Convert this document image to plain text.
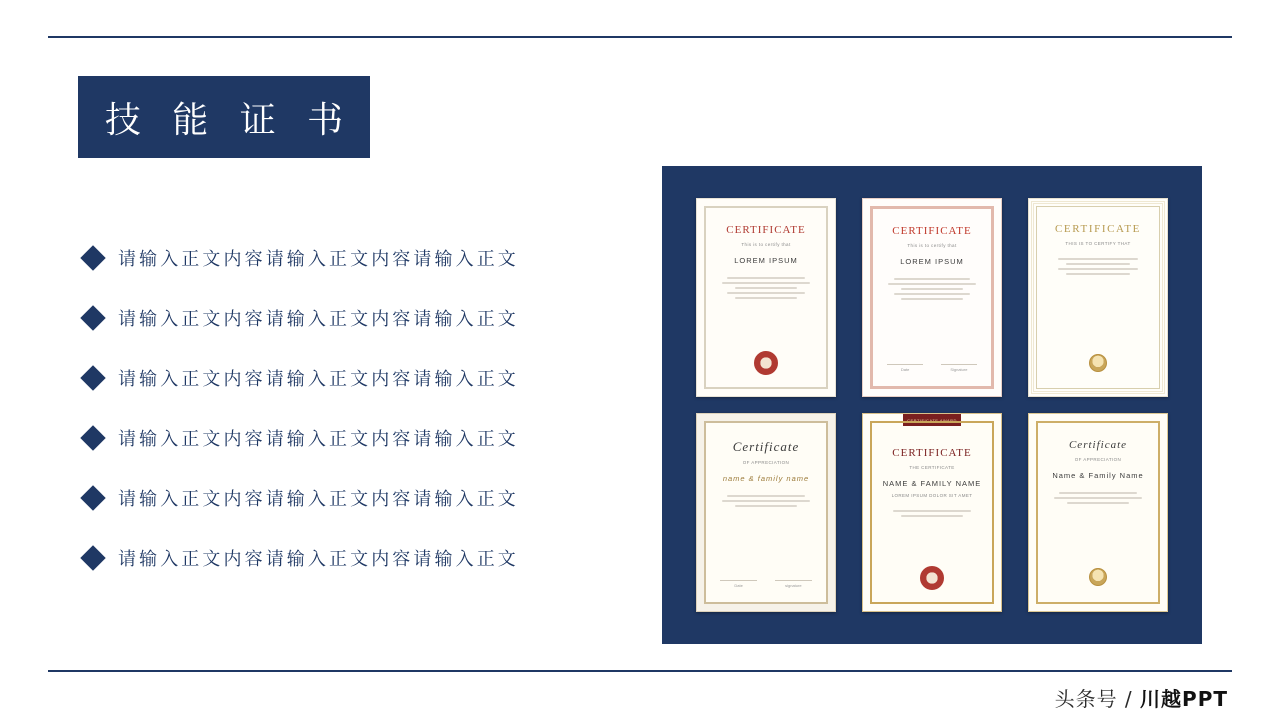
技 能 证 书
请输入正文内容请输入正文内容请输入正文
请输入正文内容请输入正文内容请输入正文
请输入正文内容请输入正文内容请输入正文
请输入正文内容请输入正文内容请输入正文
请输入正文内容请输入正文内容请输入正文
请输入正文内容请输入正文内容请输入正文
CERTIFICATE
This is to certify that
LOREM IPSUM
CERTIFICATE
This is to certify that
LOREM IPSUM
Date	Signature
CERTIFICATE
THIS IS TO CERTIFY THAT
Certificate
OF APPRECIATION
name & family name
Date	signature
CERTIFICATE AWARD
CERTIFICATE
THE CERTIFICATE
NAME & FAMILY NAME
LOREM IPSUM DOLOR SIT AMET
Certificate
OF APPRECIATION
Name & Family Name
头条号 / 川越PPT
